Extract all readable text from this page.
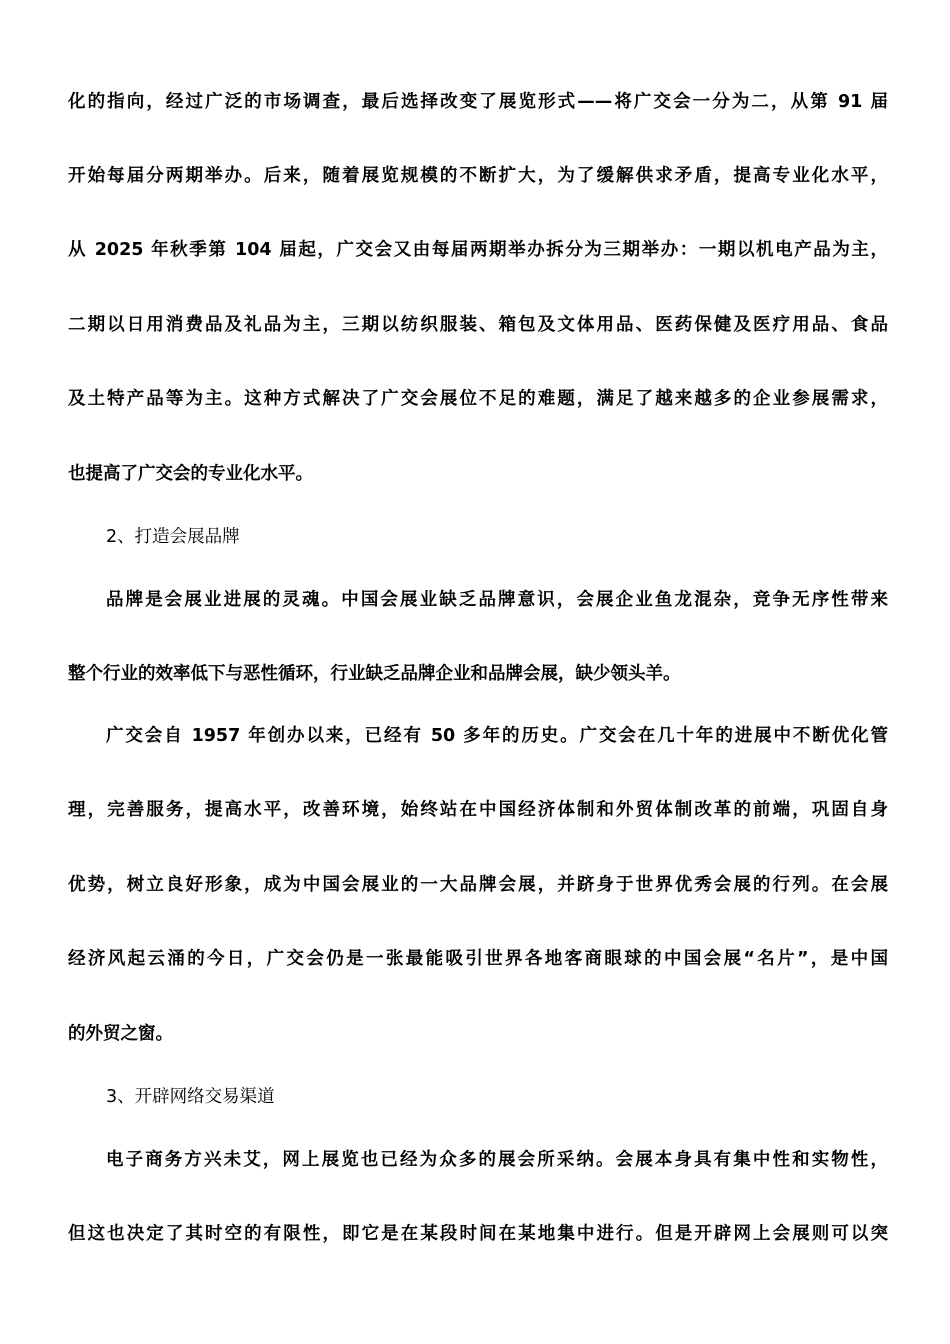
化的指向，经过广泛的市场调查，最后选择改变了展览形式——将广交会一分为二，从第 91 届
开始每届分两期举办。后来，随着展览规模的不断扩大，为了缓解供求矛盾，提高专业化水平，
从 2025 年秋季第 104 届起，广交会又由每届两期举办拆分为三期举办：一期以机电产品为主，
二期以日用消费品及礼品为主，三期以纺织服装、箱包及文体用品、医药保健及医疗用品、食品
及土特产品等为主。这种方式解决了广交会展位不足的难题，满足了越来越多的企业参展需求，
也提高了广交会的专业化水平。
2、打造会展品牌
品牌是会展业进展的灵魂。中国会展业缺乏品牌意识，会展企业鱼龙混杂，竞争无序性带来
整个行业的效率低下与恶性循环，行业缺乏品牌企业和品牌会展，缺少领头羊。
广交会自 1957 年创办以来，已经有 50 多年的历史。广交会在几十年的进展中不断优化管
理，完善服务，提高水平，改善环境，始终站在中国经济体制和外贸体制改革的前端，巩固自身
优势，树立良好形象，成为中国会展业的一大品牌会展，并跻身于世界优秀会展的行列。在会展
经济风起云涌的今日，广交会仍是一张最能吸引世界各地客商眼球的中国会展“名片”，是中国
的外贸之窗。
3、开辟网络交易渠道
电子商务方兴未艾，网上展览也已经为众多的展会所采纳。会展本身具有集中性和实物性，
但这也决定了其时空的有限性，即它是在某段时间在某地集中进行。但是开辟网上会展则可以突
